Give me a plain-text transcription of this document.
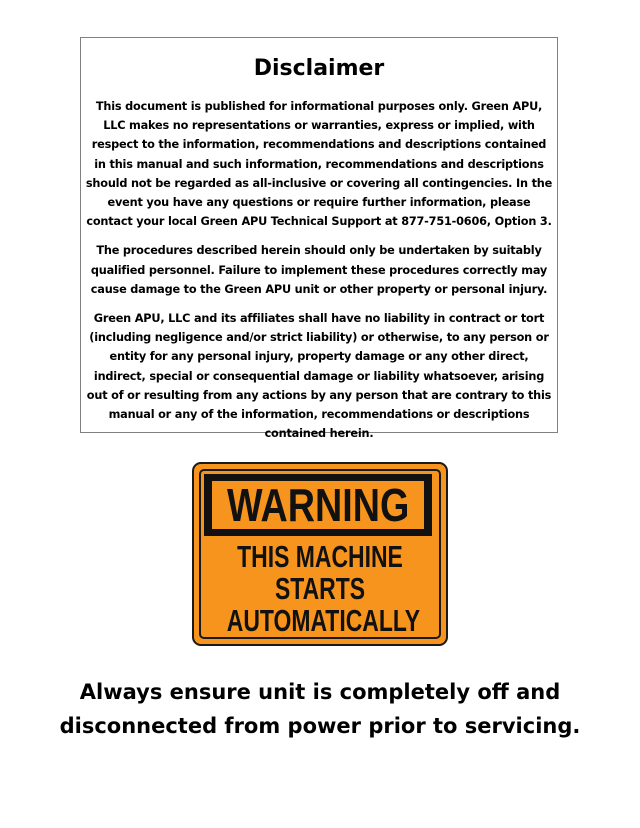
Disclaimer

This document is published for informational purposes only. Green APU, LLC makes no representations or warranties, express or implied, with respect to the information, recommendations and descriptions contained in this manual and such information, recommendations and descriptions should not be regarded as all-inclusive or covering all contingencies. In the event you have any questions or require further information, please contact your local Green APU Technical Support at 877-751-0606, Option 3.

The procedures described herein should only be undertaken by suitably qualified personnel. Failure to implement these procedures correctly may cause damage to the Green APU unit or other property or personal injury.

Green APU, LLC and its affiliates shall have no liability in contract or tort (including negligence and/or strict liability) or otherwise, to any person or entity for any personal injury, property damage or any other direct, indirect, special or consequential damage or liability whatsoever, arising out of or resulting from any actions by any person that are contrary to this manual or any of the information, recommendations or descriptions contained herein.

WARNING
THIS MACHINE
STARTS
AUTOMATICALLY
Always ensure unit is completely off and
disconnected from power prior to servicing.
